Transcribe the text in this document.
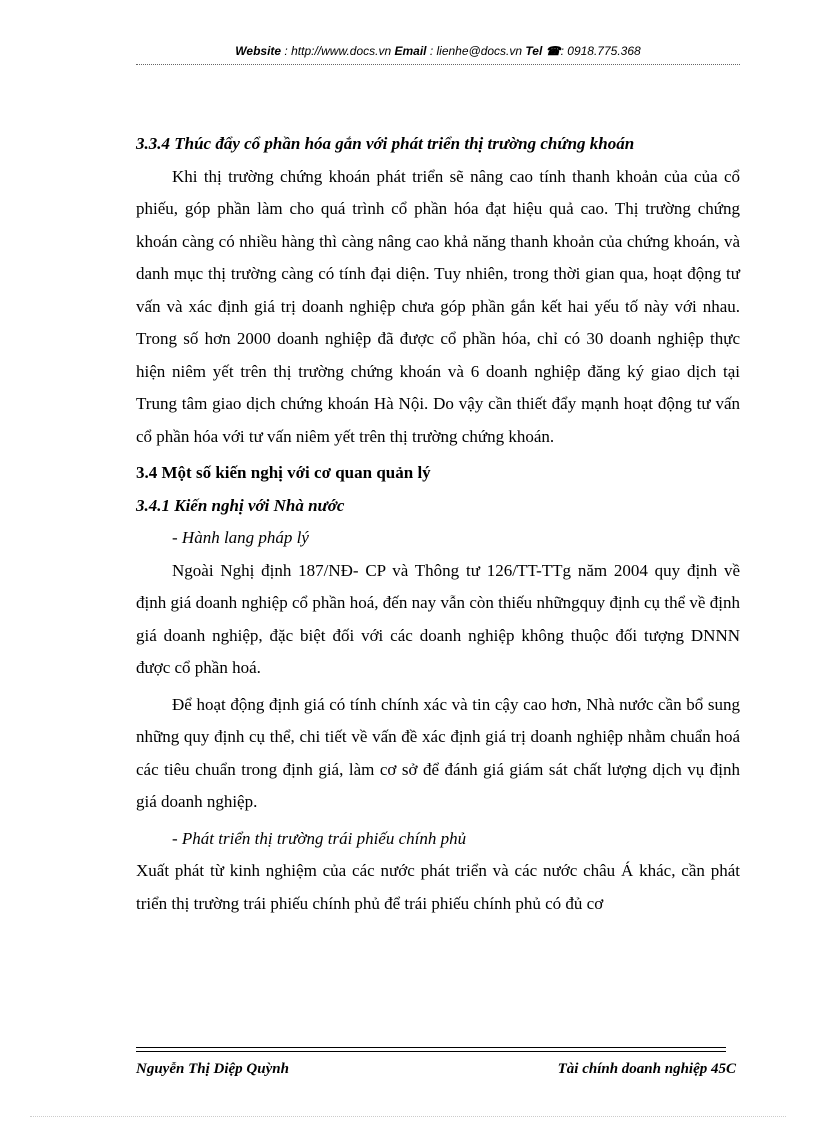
Website : http://www.docs.vn Email : lienhe@docs.vn Tel ☎: 0918.775.368

3.3.4 Thúc đẩy cổ phần hóa gắn với phát triển thị trường chứng khoán

Khi thị trường chứng khoán phát triển sẽ nâng cao tính thanh khoản của của cổ phiếu, góp phần làm cho quá trình cổ phần hóa đạt hiệu quả cao. Thị trường chứng khoán càng có nhiều hàng thì càng nâng cao khả năng thanh khoản của chứng khoán, và danh mục thị trường càng có tính đại diện. Tuy nhiên, trong thời gian qua, hoạt động tư vấn và xác định giá trị doanh nghiệp chưa góp phần gắn kết hai yếu tố này với nhau. Trong số hơn 2000 doanh nghiệp đã được cổ phần hóa, chỉ có 30 doanh nghiệp thực hiện niêm yết trên thị trường chứng khoán và 6 doanh nghiệp đăng ký giao dịch tại Trung tâm giao dịch chứng khoán Hà Nội. Do vậy cần thiết đẩy mạnh hoạt động tư vấn cổ phần hóa với tư vấn niêm yết trên thị trường chứng khoán.

3.4 Một số kiến nghị với cơ quan quản lý

3.4.1 Kiến nghị với Nhà nước

- Hành lang pháp lý

Ngoài Nghị định 187/NĐ- CP và Thông tư 126/TT-TTg năm 2004 quy định về định giá doanh nghiệp cổ phần hoá, đến nay vẫn còn thiếu nhữngquy định cụ thể về định giá doanh nghiệp, đặc biệt đối với các doanh nghiệp không thuộc đối tượng DNNN được cổ phần hoá.

Để hoạt động định giá có tính chính xác và tin cậy cao hơn, Nhà nước cần bổ sung những quy định cụ thể, chi tiết về vấn đề xác định giá trị doanh nghiệp nhằm chuẩn hoá các tiêu chuẩn trong định giá, làm cơ sở để đánh giá giám sát chất lượng dịch vụ định giá doanh nghiệp.

- Phát triển thị trường trái phiếu chính phủ

Xuất phát từ kinh nghiệm của các nước phát triển và các nước châu Á khác, cần phát triển thị trường trái phiếu chính phủ để trái phiếu chính phủ có đủ cơ

Nguyễn Thị Diệp Quỳnh	Tài chính doanh nghiệp 45C
